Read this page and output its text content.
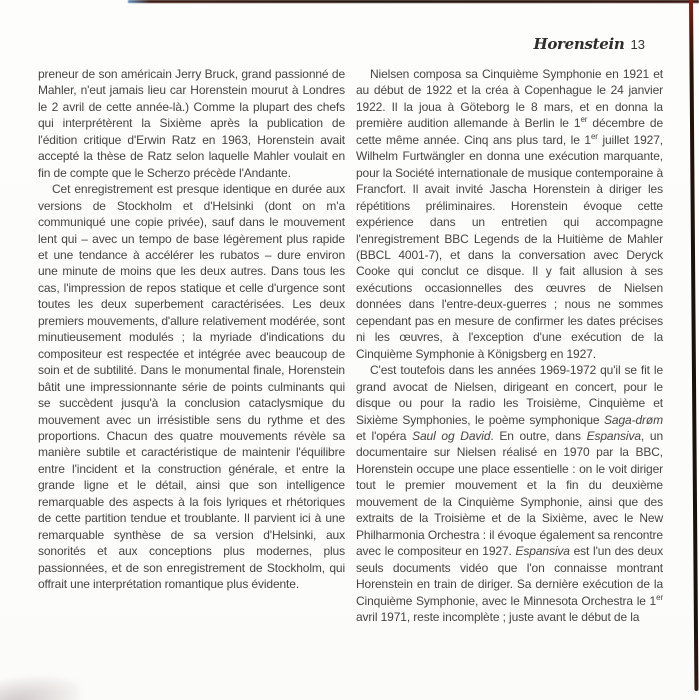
Horenstein 13

preneur de son américain Jerry Bruck, grand passionné de Mahler, n'eut jamais lieu car Horenstein mourut à Londres le 2 avril de cette année-là.) Comme la plupart des chefs qui interprétèrent la Sixième après la publication de l'édition critique d'Erwin Ratz en 1963, Horenstein avait accepté la thèse de Ratz selon laquelle Mahler voulait en fin de compte que le Scherzo précède l'Andante.

Cet enregistrement est presque identique en durée aux versions de Stockholm et d'Helsinki (dont on m'a communiqué une copie privée), sauf dans le mouvement lent qui – avec un tempo de base légèrement plus rapide et une tendance à accélérer les rubatos – dure environ une minute de moins que les deux autres. Dans tous les cas, l'impression de repos statique et celle d'urgence sont toutes les deux superbement caractérisées. Les deux premiers mouvements, d'allure relativement modérée, sont minutieusement modulés ; la myriade d'indications du compositeur est respectée et intégrée avec beaucoup de soin et de subtilité. Dans le monumental finale, Horenstein bâtit une impressionnante série de points culminants qui se succèdent jusqu'à la conclusion cataclysmique du mouvement avec un irrésistible sens du rythme et des proportions. Chacun des quatre mouvements révèle sa manière subtile et caractéristique de maintenir l'équilibre entre l'incident et la construction générale, et entre la grande ligne et le détail, ainsi que son intelligence remarquable des aspects à la fois lyriques et rhétoriques de cette partition tendue et troublante. Il parvient ici à une remarquable synthèse de sa version d'Helsinki, aux sonorités et aux conceptions plus modernes, plus passionnées, et de son enregistrement de Stockholm, qui offrait une interprétation romantique plus évidente.

Nielsen composa sa Cinquième Symphonie en 1921 et au début de 1922 et la créa à Copenhague le 24 janvier 1922. Il la joua à Göteborg le 8 mars, et en donna la première audition allemande à Berlin le 1er décembre de cette même année. Cinq ans plus tard, le 1er juillet 1927, Wilhelm Furtwängler en donna une exécution marquante, pour la Société internationale de musique contemporaine à Francfort. Il avait invité Jascha Horenstein à diriger les répétitions préliminaires. Horenstein évoque cette expérience dans un entretien qui accompagne l'enregistrement BBC Legends de la Huitième de Mahler (BBCL 4001-7), et dans la conversation avec Deryck Cooke qui conclut ce disque. Il y fait allusion à ses exécutions occasionnelles des œuvres de Nielsen données dans l'entre-deux-guerres ; nous ne sommes cependant pas en mesure de confirmer les dates précises ni les œuvres, à l'exception d'une exécution de la Cinquième Symphonie à Königsberg en 1927.

C'est toutefois dans les années 1969-1972 qu'il se fit le grand avocat de Nielsen, dirigeant en concert, pour le disque ou pour la radio les Troisième, Cinquième et Sixième Symphonies, le poème symphonique Saga-drøm et l'opéra Saul og David. En outre, dans Espansiva, un documentaire sur Nielsen réalisé en 1970 par la BBC, Horenstein occupe une place essentielle : on le voit diriger tout le premier mouvement et la fin du deuxième mouvement de la Cinquième Symphonie, ainsi que des extraits de la Troisième et de la Sixième, avec le New Philharmonia Orchestra : il évoque également sa rencontre avec le compositeur en 1927. Espansiva est l'un des deux seuls documents vidéo que l'on connaisse montrant Horenstein en train de diriger. Sa dernière exécution de la Cinquième Symphonie, avec le Minnesota Orchestra le 1er avril 1971, reste incomplète ; juste avant le début de la
